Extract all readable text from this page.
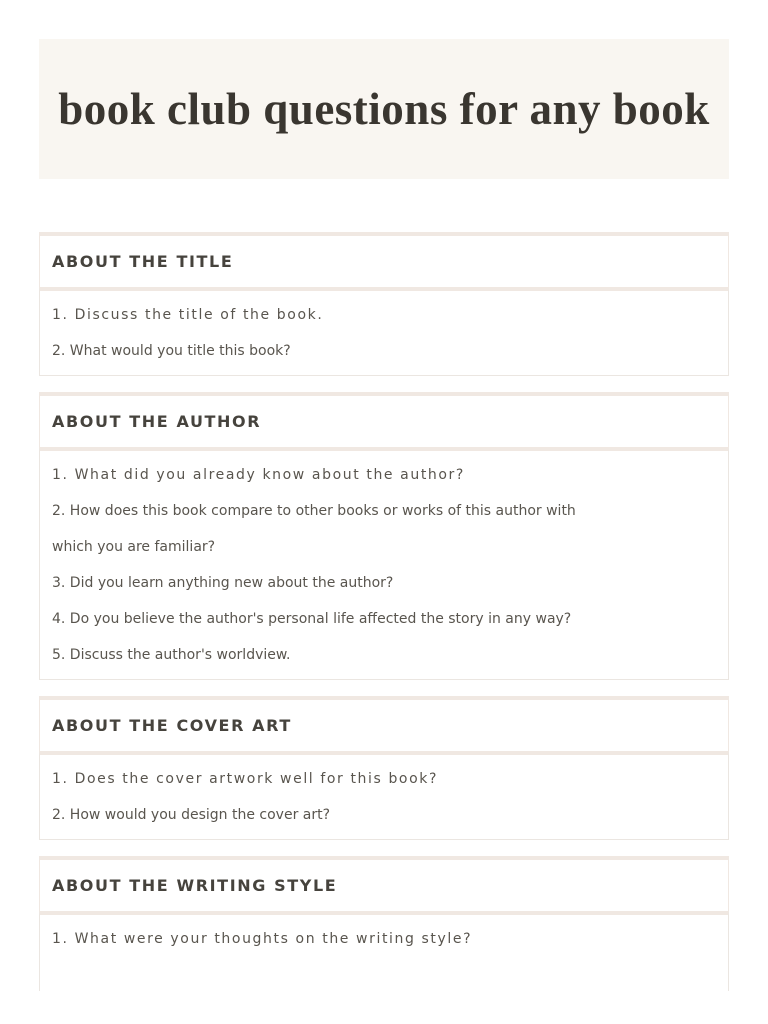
book club questions for any book
ABOUT THE TITLE

1. Discuss the title of the book.

2. What would you title this book?

ABOUT THE AUTHOR

1. What did you already know about the author?

2. How does this book compare to other books or works of this author with which you are familiar?

3. Did you learn anything new about the author?

4. Do you believe the author's personal life affected the story in any way?

5. Discuss the author's worldview.

ABOUT THE COVER ART

1. Does the cover artwork well for this book?

2. How would you design the cover art?

ABOUT THE WRITING STYLE

1. What were your thoughts on the writing style?
